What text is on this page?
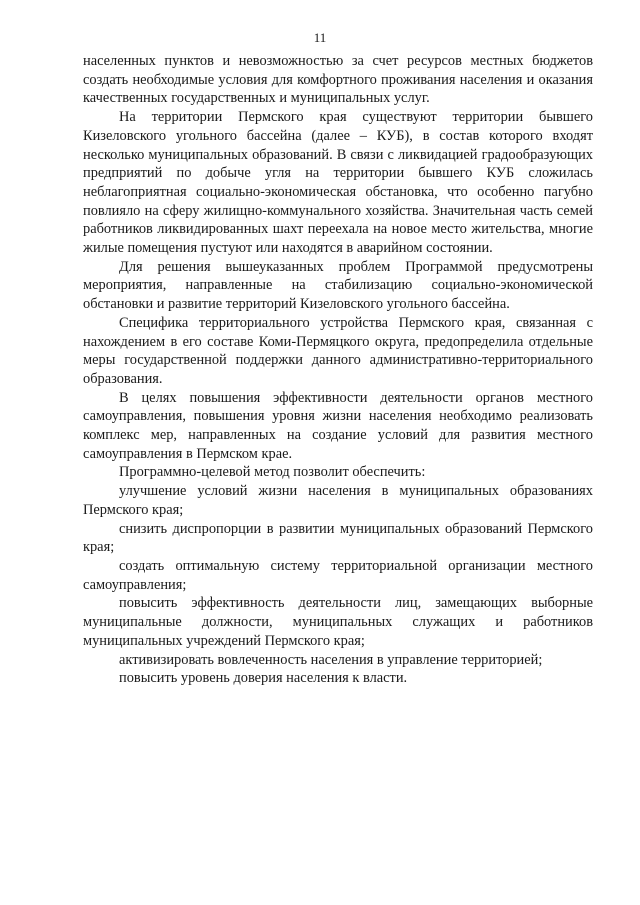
11

населенных пунктов и невозможностью за счет ресурсов местных бюджетов создать необходимые условия для комфортного проживания населения и оказания качественных государственных и муниципальных услуг.

На территории Пермского края существуют территории бывшего Кизеловского угольного бассейна (далее – КУБ), в состав которого входят несколько муниципальных образований. В связи с ликвидацией градообразующих предприятий по добыче угля на территории бывшего КУБ сложилась неблагоприятная социально-экономическая обстановка, что особенно пагубно повлияло на сферу жилищно-коммунального хозяйства. Значительная часть семей работников ликвидированных шахт переехала на новое место жительства, многие жилые помещения пустуют или находятся в аварийном состоянии.

Для решения вышеуказанных проблем Программой предусмотрены мероприятия, направленные на стабилизацию социально-экономической обстановки и развитие территорий Кизеловского угольного бассейна.

Специфика территориального устройства Пермского края, связанная с нахождением в его составе Коми-Пермяцкого округа, предопределила отдельные меры государственной поддержки данного административно-территориального образования.

В целях повышения эффективности деятельности органов местного самоуправления, повышения уровня жизни населения необходимо реализовать комплекс мер, направленных на создание условий для развития местного самоуправления в Пермском крае.

Программно-целевой метод позволит обеспечить:

улучшение условий жизни населения в муниципальных образованиях Пермского края;

снизить диспропорции в развитии муниципальных образований Пермского края;

создать оптимальную систему территориальной организации местного самоуправления;

повысить эффективность деятельности лиц, замещающих выборные муниципальные должности, муниципальных служащих и работников муниципальных учреждений Пермского края;

активизировать вовлеченность населения в управление территорией;

повысить уровень доверия населения к власти.
